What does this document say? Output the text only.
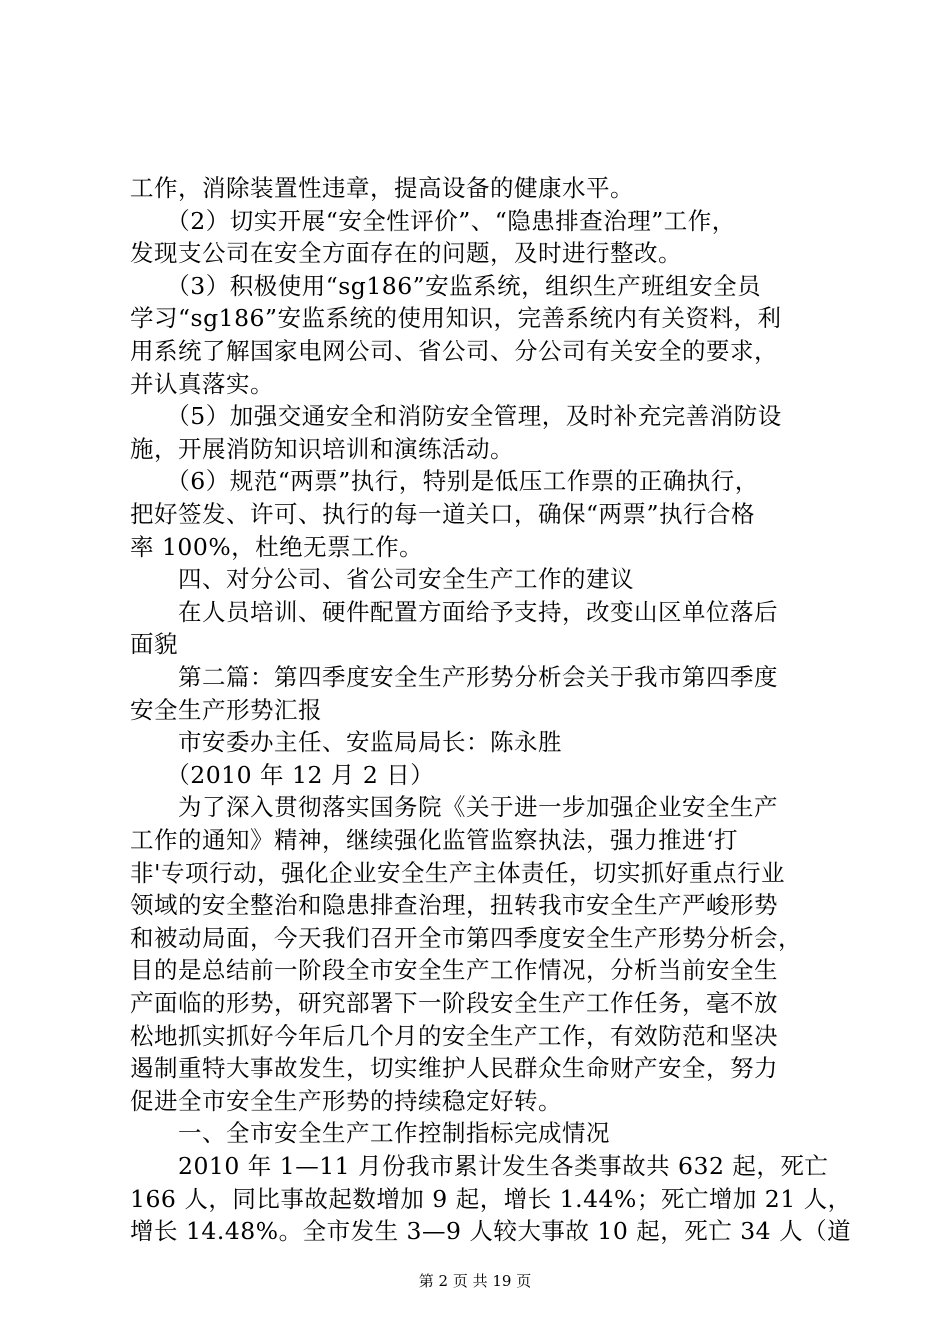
工作，消除装置性违章，提高设备的健康水平。
　　（2）切实开展“安全性评价”、“隐患排查治理”工作，
发现支公司在安全方面存在的问题，及时进行整改。
　　（3）积极使用“sg186”安监系统，组织生产班组安全员
学习“sg186”安监系统的使用知识，完善系统内有关资料，利
用系统了解国家电网公司、省公司、分公司有关安全的要求，
并认真落实。
　　（5）加强交通安全和消防安全管理，及时补充完善消防设
施，开展消防知识培训和演练活动。
　　（6）规范“两票”执行，特别是低压工作票的正确执行，
把好签发、许可、执行的每一道关口，确保“两票”执行合格
率 100%，杜绝无票工作。
　　四、对分公司、省公司安全生产工作的建议
　　在人员培训、硬件配置方面给予支持，改变山区单位落后
面貌
　　第二篇：第四季度安全生产形势分析会关于我市第四季度
安全生产形势汇报
　　市安委办主任、安监局局长：陈永胜
　　（2010 年 12 月 2 日）
　　为了深入贯彻落实国务院《关于进一步加强企业安全生产
工作的通知》精神，继续强化监管监察执法，强力推进‘打
非'专项行动，强化企业安全生产主体责任，切实抓好重点行业
领域的安全整治和隐患排查治理，扭转我市安全生产严峻形势
和被动局面，今天我们召开全市第四季度安全生产形势分析会，
目的是总结前一阶段全市安全生产工作情况，分析当前安全生
产面临的形势，研究部署下一阶段安全生产工作任务，毫不放
松地抓实抓好今年后几个月的安全生产工作，有效防范和坚决
遏制重特大事故发生，切实维护人民群众生命财产安全，努力
促进全市安全生产形势的持续稳定好转。
　　一、全市安全生产工作控制指标完成情况
　　2010 年 1—11 月份我市累计发生各类事故共 632 起，死亡
166 人，同比事故起数增加 9 起，增长 1.44%；死亡增加 21 人，
增长 14.48%。全市发生 3—9 人较大事故 10 起，死亡 34 人（道
第 2 页 共 19 页
